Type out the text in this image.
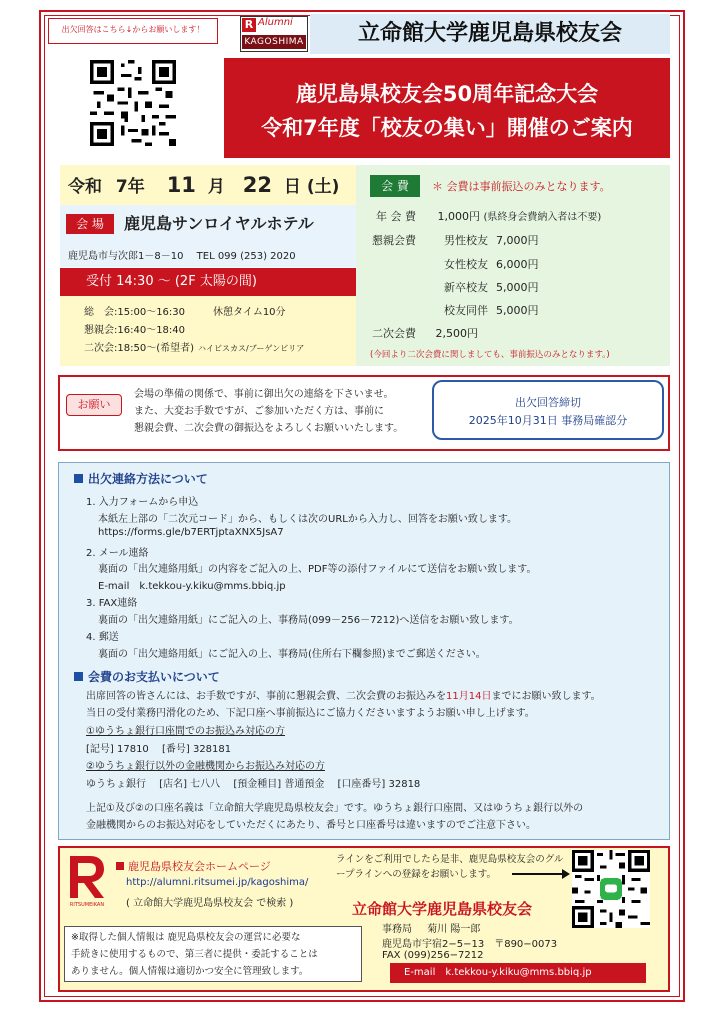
出欠回答はこちら↓からお願いします！	R Alumni
KAGOSHIMA	立命館大学鹿児島県校友会
鹿児島県校友会50周年記念大会
令和7年度「校友の集い」開催のご案内
令和 7年 11 月 22 日 (土)
会 場	鹿児島サンロイヤルホテル
鹿児島市与次郎1－8－10 TEL 099 (253) 2020
受付 14:30 ～ (2F 太陽の間)
総　会:15:00～16:30	休憩タイム10分
懇親会:16:40～18:40
二次会:18:50～(希望者) ハイビスカス/ブーゲンビリア
会 費	＊ 会費は事前振込のみとなります。
年 会 費 1,000円 (県終身会費納入者は不要)
懇親会費	男性校友 7,000円
女性校友 6,000円
新卒校友 5,000円
校友同伴 5,000円
二次会費 2,500円
(今回より二次会費に関しましても、事前振込のみとなります。)
お願い
会場の準備の関係で、事前に御出欠の連絡を下さいませ。
また、大変お手数ですが、ご参加いただく方は、事前に
懇親会費、二次会費の御振込をよろしくお願いいたします。
出欠回答締切
2025年10月31日 事務局確認分
出欠連絡方法について
1. 入力フォームから申込
本紙左上部の「二次元コード」から、もしくは次のURLから入力し、回答をお願い致します。
https://forms.gle/b7ERTjptaXNX5JsA7
2. メール連絡
裏面の「出欠連絡用紙」の内容をご記入の上、PDF等の添付ファイルにて送信をお願い致します。
E-mail　k.tekkou-y.kiku@mms.bbiq.jp
3. FAX連絡
裏面の「出欠連絡用紙」にご記入の上、事務局(099－256－7212)へ送信をお願い致します。
4. 郵送
裏面の「出欠連絡用紙」にご記入の上、事務局(住所右下欄参照)までご郵送ください。
会費のお支払いについて
出席回答の皆さんには、お手数ですが、事前に懇親会費、二次会費のお振込みを11月14日までにお願い致します。
当日の受付業務円滑化のため、下記口座へ事前振込にご協力くださいますようお願い申し上げます。
①ゆうちょ銀行口座間でのお振込み対応の方
[記号] 17810　 [番号] 328181
②ゆうちょ銀行以外の金融機関からお振込み対応の方
ゆうちょ銀行　 [店名] 七八八　 [預金種目] 普通預金　 [口座番号] 32818
上記①及び②の口座名義は「立命館大学鹿児島県校友会」です。ゆうちょ銀行口座間、又はゆうちょ銀行以外の
金融機関からのお振込対応をしていただくにあたり、番号と口座番号は違いますのでご注意下さい。
RITSUMEIKAN
鹿児島県校友会ホームページ
http://alumni.ritsumei.jp/kagoshima/
( 立命館大学鹿児島県校友会 で検索 )
ラインをご利用でしたら是非、鹿児島県校友会のグループラインへの登録をお願いします。
立命館大学鹿児島県校友会
事務局 菊川 陽一郎
鹿児島市宇宿2−5−13　〒890−0073
FAX (099)256−7212
E-mail　k.tekkou-y.kiku@mms.bbiq.jp
※取得した個人情報は 鹿児島県校友会の運営に必要な
手続きに使用するもので、第三者に提供・委託することは
ありません。個人情報は適切かつ安全に管理致します。
